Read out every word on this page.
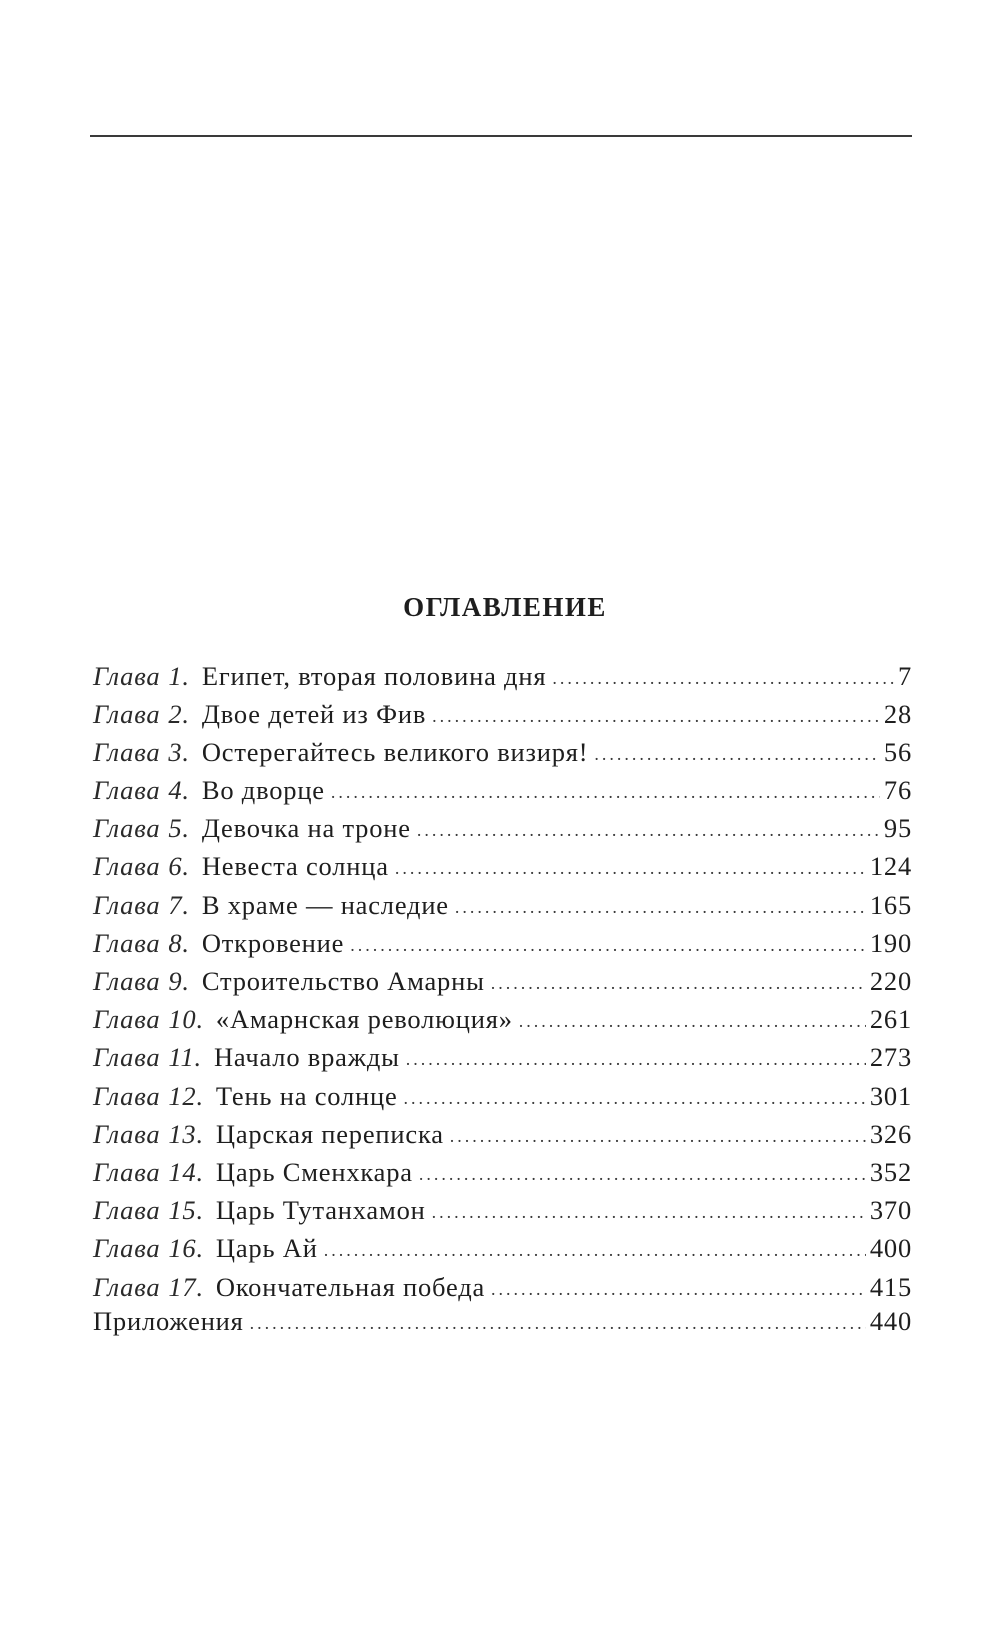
ОГЛАВЛЕНИЕ
Глава 1. Египет, вторая половина дня .....	7
Глава 2. Двое детей из Фив .....	28
Глава 3. Остерегайтесь великого визиря! .....	56
Глава 4. Во дворце .....	76
Глава 5. Девочка на троне .....	95
Глава 6. Невеста солнца .....	124
Глава 7. В храме — наследие .....	165
Глава 8. Откровение .....	190
Глава 9. Строительство Амарны .....	220
Глава 10. «Амарнская революция» .....	261
Глава 11. Начало вражды .....	273
Глава 12. Тень на солнце .....	301
Глава 13. Царская переписка .....	326
Глава 14. Царь Сменхкара .....	352
Глава 15. Царь Тутанхамон .....	370
Глава 16. Царь Ай .....	400
Глава 17. Окончательная победа .....	415
Приложения .....	440
